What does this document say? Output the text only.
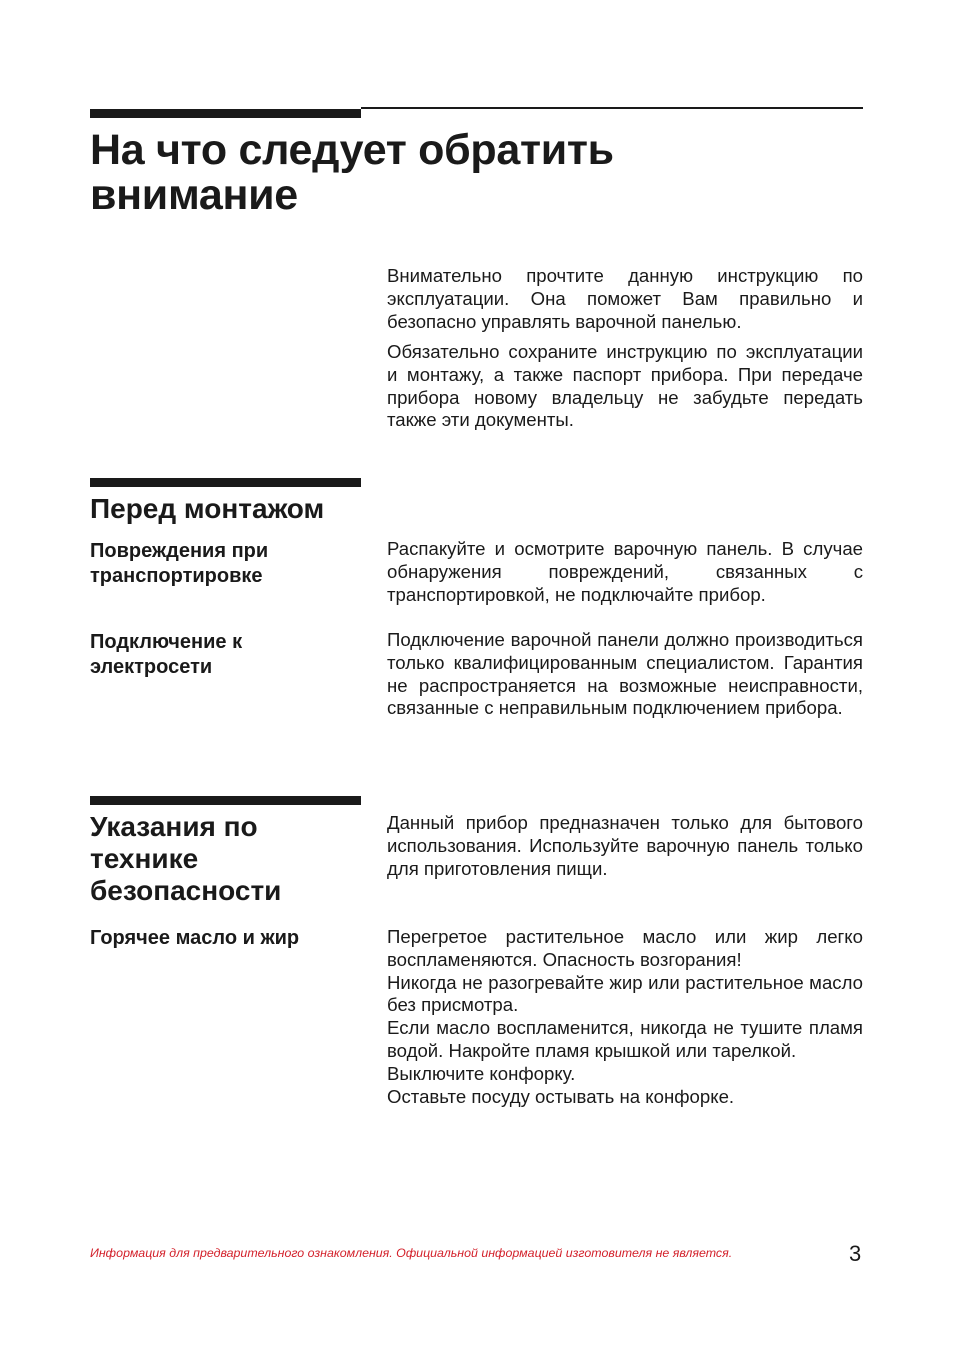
На что следует обратить внимание

Внимательно прочтите данную инструкцию по эксплуатации. Она поможет Вам правильно и безопасно управлять варочной панелью.

Обязательно сохраните инструкцию по эксплуатации и монтажу, а также паспорт прибора. При передаче прибора новому владельцу не забудьте передать также эти документы.

Перед монтажом

Повреждения при транспортировке

Распакуйте и осмотрите варочную панель. В случае обнаружения повреждений, связанных с транспортировкой, не подключайте прибор.

Подключение к электросети

Подключение варочной панели должно производиться только квалифицированным специалистом. Гарантия не распространяется на возможные неисправности, связанные с неправильным подключением прибора.

Указания по технике безопасности

Данный прибор предназначен только для бытового использования. Используйте варочную панель только для приготовления пищи.

Горячее масло и жир	Перегретое растительное масло или жир легко воспламеняются. Опасность возгорания!

Никогда не разогревайте жир или растительное масло без присмотра.

Если масло воспламенится, никогда не тушите пламя водой. Накройте пламя крышкой или тарелкой.

Выключите конфорку.

Оставьте посуду остывать на конфорке.

Информация для предварительного ознакомления. Официальной информацией изготовителя не является.	3
